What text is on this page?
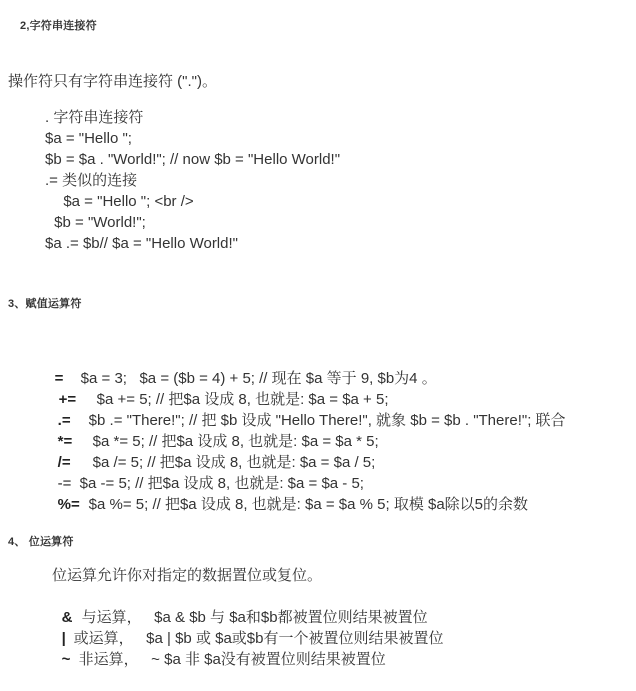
2,字符串连接符
操作符只有字符串连接符 (".")。
. 字符串连接符
$a = "Hello ";
$b = $a . "World!"; // now $b = "Hello World!"
.= 类似的连接
$a = "Hello "; <br />
$b = "World!";
$a .= $b// $a = "Hello World!"
3、赋值运算符

= $a = 3;   $a = ($b = 4) + 5; // 现在 $a 等于 9, $b为4 。

+= $a += 5; // 把$a 设成 8, 也就是: $a = $a + 5;

.= $b .= "There!"; // 把 $b 设成 "Hello There!", 就象 $b = $b . "There!"; 联合

*= $a *= 5; // 把$a 设成 8, 也就是: $a = $a * 5;

/= $a /= 5; // 把$a 设成 8, 也就是: $a = $a / 5;

-= $a -= 5; // 把$a 设成 8, 也就是: $a = $a - 5;

%= $a %= 5; // 把$a 设成 8, 也就是: $a = $a % 5; 取模 $a除以5的余数

4、 位运算符
位运算允许你对指定的数据置位或复位。

& 与运算，   $a & $b 与 $a和$b都被置位则结果被置位

| 或运算，   $a | $b 或 $a或$b有一个被置位则结果被置位

~ 非运算，   ~ $a 非 $a没有被置位则结果被置位
